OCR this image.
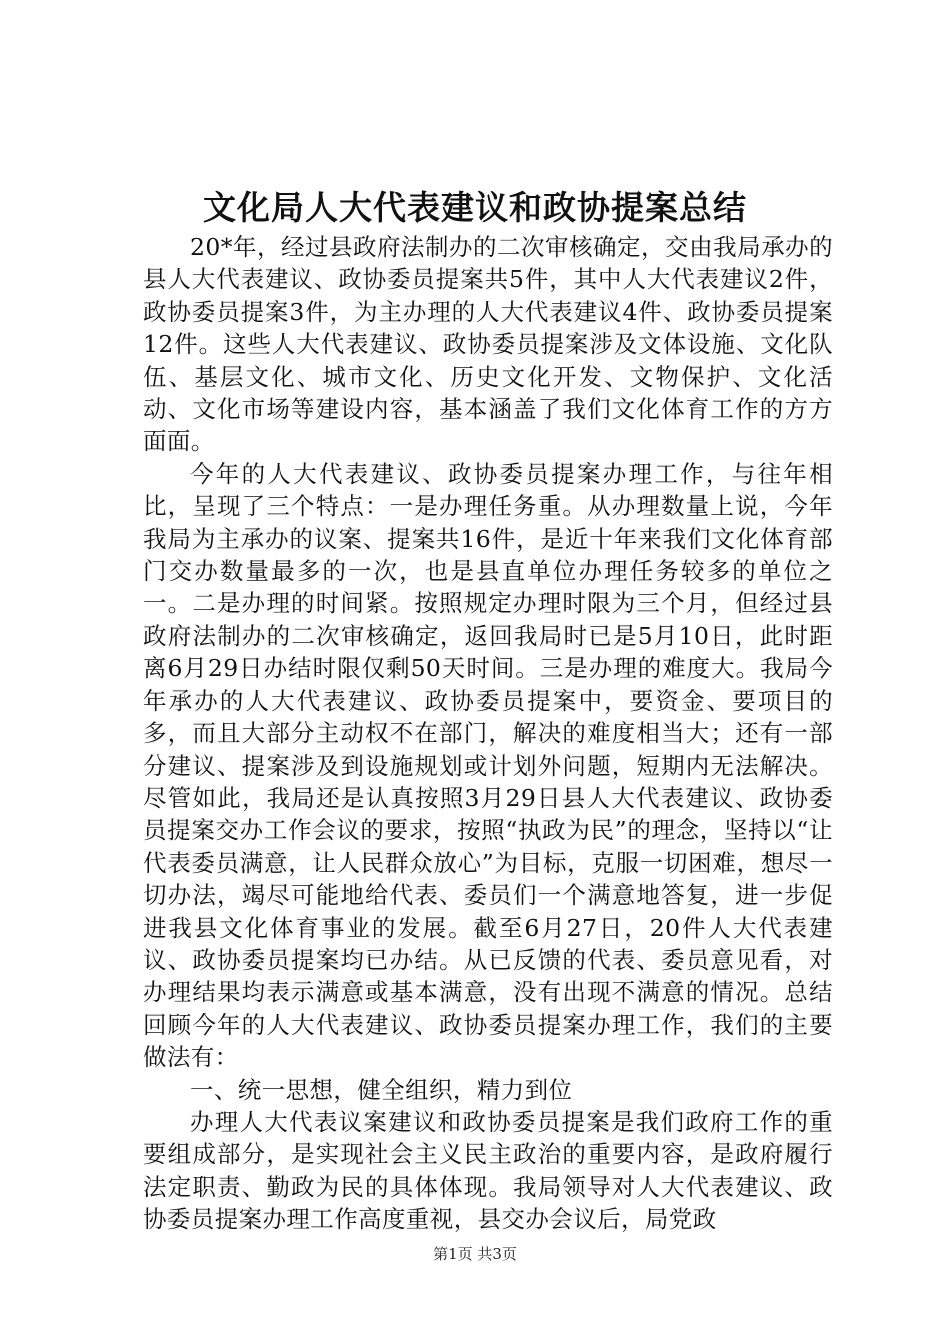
文化局人大代表建议和政协提案总结

20*年，经过县政府法制办的二次审核确定，交由我局承办的县人大代表建议、政协委员提案共5件，其中人大代表建议2件，政协委员提案3件，为主办理的人大代表建议4件、政协委员提案12件。这些人大代表建议、政协委员提案涉及文体设施、文化队伍、基层文化、城市文化、历史文化开发、文物保护、文化活动、文化市场等建设内容，基本涵盖了我们文化体育工作的方方面面。

今年的人大代表建议、政协委员提案办理工作，与往年相比，呈现了三个特点：一是办理任务重。从办理数量上说，今年我局为主承办的议案、提案共16件，是近十年来我们文化体育部门交办数量最多的一次，也是县直单位办理任务较多的单位之一。二是办理的时间紧。按照规定办理时限为三个月，但经过县政府法制办的二次审核确定，返回我局时已是5月10日，此时距离6月29日办结时限仅剩50天时间。三是办理的难度大。我局今年承办的人大代表建议、政协委员提案中，要资金、要项目的多，而且大部分主动权不在部门，解决的难度相当大；还有一部分建议、提案涉及到设施规划或计划外问题，短期内无法解决。尽管如此，我局还是认真按照3月29日县人大代表建议、政协委员提案交办工作会议的要求，按照“执政为民”的理念，坚持以“让代表委员满意，让人民群众放心”为目标，克服一切困难，想尽一切办法，竭尽可能地给代表、委员们一个满意地答复，进一步促进我县文化体育事业的发展。截至6月27日，20件人大代表建议、政协委员提案均已办结。从已反馈的代表、委员意见看，对办理结果均表示满意或基本满意，没有出现不满意的情况。总结回顾今年的人大代表建议、政协委员提案办理工作，我们的主要做法有：

一、统一思想，健全组织，精力到位

办理人大代表议案建议和政协委员提案是我们政府工作的重要组成部分，是实现社会主义民主政治的重要内容，是政府履行法定职责、勤政为民的具体体现。我局领导对人大代表建议、政协委员提案办理工作高度重视，县交办会议后，局党政

第1页 共3页
